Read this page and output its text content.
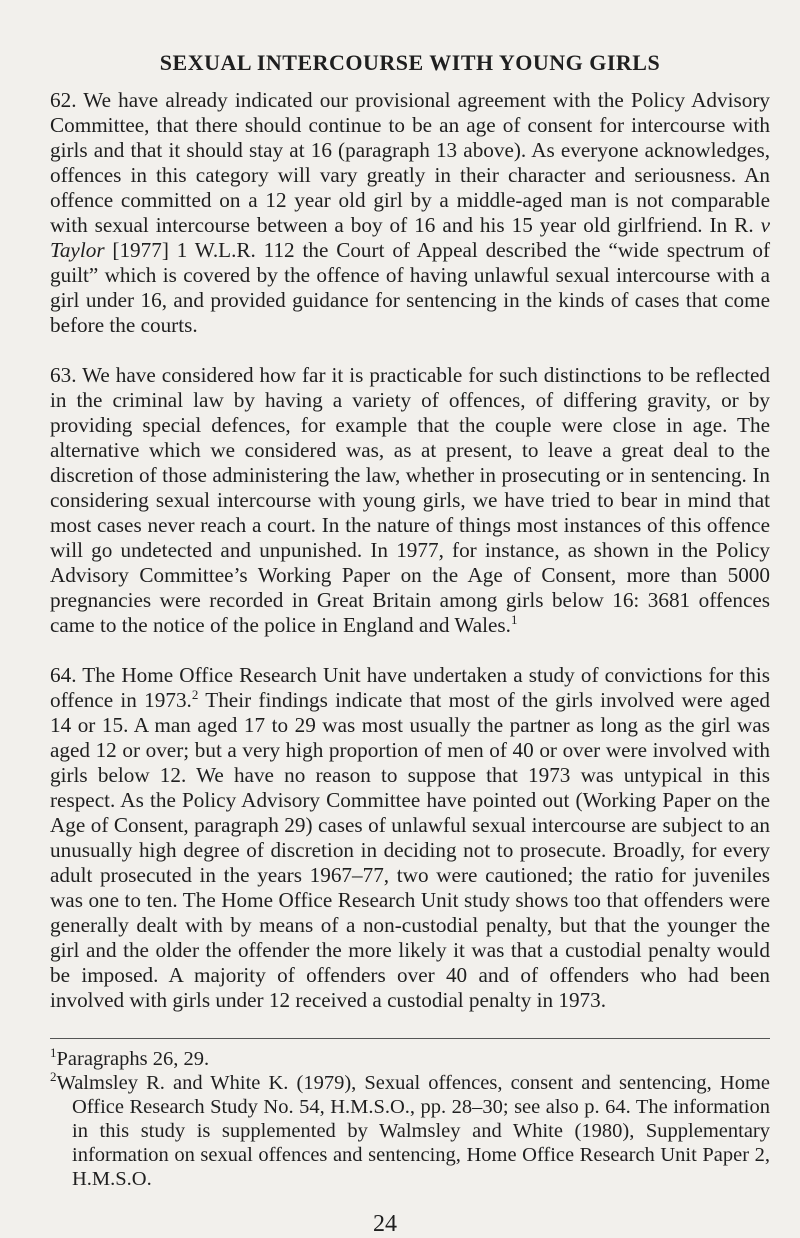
SEXUAL INTERCOURSE WITH YOUNG GIRLS

62. We have already indicated our provisional agreement with the Policy Advisory Committee, that there should continue to be an age of consent for intercourse with girls and that it should stay at 16 (paragraph 13 above). As everyone acknowledges, offences in this category will vary greatly in their character and seriousness. An offence committed on a 12 year old girl by a middle-aged man is not comparable with sexual intercourse between a boy of 16 and his 15 year old girlfriend. In R. v Taylor [1977] 1 W.L.R. 112 the Court of Appeal described the “wide spectrum of guilt” which is covered by the offence of having unlawful sexual intercourse with a girl under 16, and provided guidance for sentencing in the kinds of cases that come before the courts.

63. We have considered how far it is practicable for such distinctions to be reflected in the criminal law by having a variety of offences, of differing gravity, or by providing special defences, for example that the couple were close in age. The alternative which we considered was, as at present, to leave a great deal to the discretion of those administering the law, whether in prosecuting or in sentencing. In considering sexual intercourse with young girls, we have tried to bear in mind that most cases never reach a court. In the nature of things most instances of this offence will go undetected and unpunished. In 1977, for instance, as shown in the Policy Advisory Committee’s Working Paper on the Age of Consent, more than 5000 pregnancies were recorded in Great Britain among girls below 16: 3681 offences came to the notice of the police in England and Wales.$^1$

64. The Home Office Research Unit have undertaken a study of convictions for this offence in 1973.$^2$ Their findings indicate that most of the girls involved were aged 14 or 15. A man aged 17 to 29 was most usually the partner as long as the girl was aged 12 or over; but a very high proportion of men of 40 or over were involved with girls below 12. We have no reason to suppose that 1973 was untypical in this respect. As the Policy Advisory Committee have pointed out (Working Paper on the Age of Consent, paragraph 29) cases of unlawful sexual intercourse are subject to an unusually high degree of discretion in deciding not to prosecute. Broadly, for every adult prosecuted in the years 1967–77, two were cautioned; the ratio for juveniles was one to ten. The Home Office Research Unit study shows too that offenders were generally dealt with by means of a non-custodial penalty, but that the younger the girl and the older the offender the more likely it was that a custodial penalty would be imposed. A majority of offenders over 40 and of offenders who had been involved with girls under 12 received a custodial penalty in 1973.

$^1$Paragraphs 26, 29.

$^2$Walmsley R. and White K. (1979), Sexual offences, consent and sentencing, Home Office Research Study No. 54, H.M.S.O., pp. 28–30; see also p. 64. The information in this study is supplemented by Walmsley and White (1980), Supplementary information on sexual offences and sentencing, Home Office Research Unit Paper 2, H.M.S.O.

24
